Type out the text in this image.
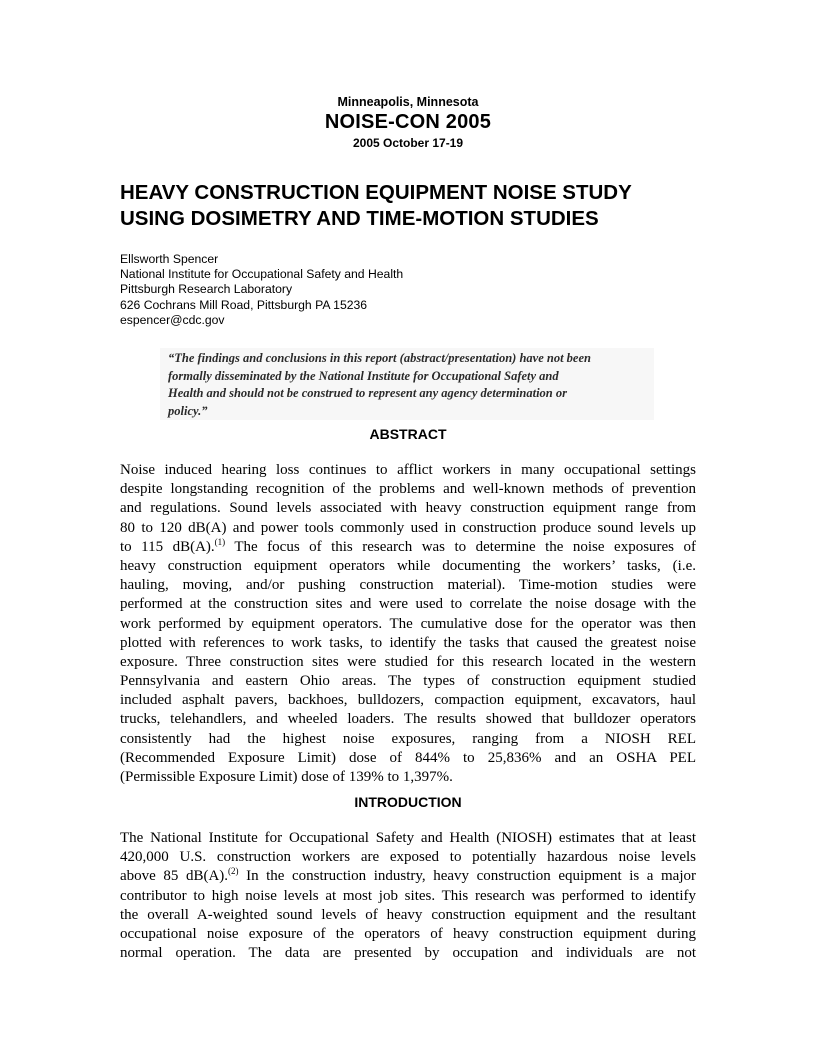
Minneapolis, Minnesota
NOISE-CON 2005
2005 October 17-19
HEAVY CONSTRUCTION EQUIPMENT NOISE STUDY
USING DOSIMETRY AND TIME-MOTION STUDIES
Ellsworth Spencer
National Institute for Occupational Safety and Health
Pittsburgh Research Laboratory
626 Cochrans Mill Road, Pittsburgh PA 15236
espencer@cdc.gov
“The findings and conclusions in this report (abstract/presentation) have not been
formally disseminated by the National Institute for Occupational Safety and
Health and should not be construed to represent any agency determination or
policy.”
ABSTRACT
Noise induced hearing loss continues to afflict workers in many occupational settings
despite longstanding recognition of the problems and well-known methods of prevention
and regulations. Sound levels associated with heavy construction equipment range from
80 to 120 dB(A) and power tools commonly used in construction produce sound levels up
to 115 dB(A).$^{(1)}$ The focus of this research was to determine the noise exposures of
heavy construction equipment operators while documenting the workers’ tasks, (i.e.
hauling, moving, and/or pushing construction material). Time-motion studies were
performed at the construction sites and were used to correlate the noise dosage with the
work performed by equipment operators. The cumulative dose for the operator was then
plotted with references to work tasks, to identify the tasks that caused the greatest noise
exposure. Three construction sites were studied for this research located in the western
Pennsylvania and eastern Ohio areas. The types of construction equipment studied
included asphalt pavers, backhoes, bulldozers, compaction equipment, excavators, haul
trucks, telehandlers, and wheeled loaders. The results showed that bulldozer operators
consistently had the highest noise exposures, ranging from a NIOSH REL
(Recommended Exposure Limit) dose of 844% to 25,836% and an OSHA PEL
(Permissible Exposure Limit) dose of 139% to 1,397%.
INTRODUCTION
The National Institute for Occupational Safety and Health (NIOSH) estimates that at least
420,000 U.S. construction workers are exposed to potentially hazardous noise levels
above 85 dB(A).$^{(2)}$ In the construction industry, heavy construction equipment is a major
contributor to high noise levels at most job sites. This research was performed to identify
the overall A-weighted sound levels of heavy construction equipment and the resultant
occupational noise exposure of the operators of heavy construction equipment during
normal operation. The data are presented by occupation and individuals are not
